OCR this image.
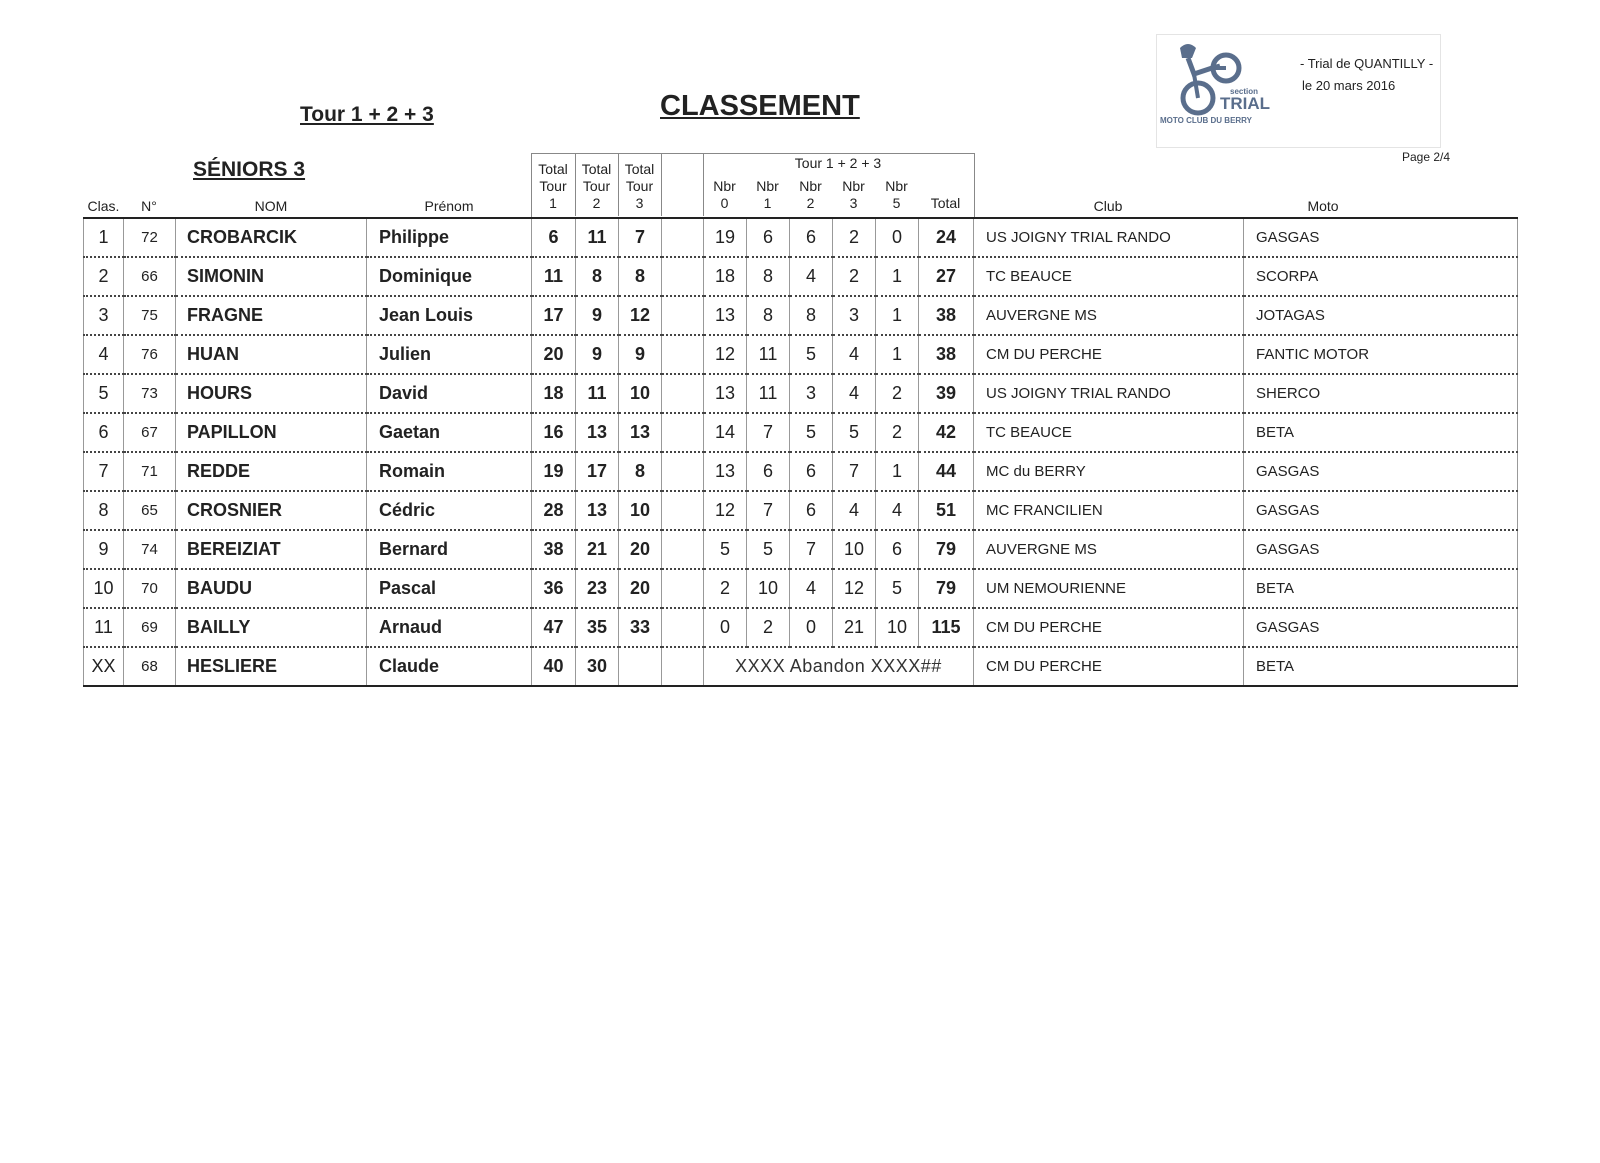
Tour 1 + 2 + 3	CLASSEMENT
SÉNIORS 3
Page 2/4
section
TRIAL
MOTO CLUB DU BERRY
- Trial de QUANTILLY -
le 20 mars 2016
Clas.	N°	NOM	Prénom
Total
Tour
1
Total
Tour
2
Total
Tour
3
Tour 1 + 2 + 3
Nbr
0
Nbr
1
Nbr
2
Nbr
3
Nbr
5	Total	Club	Moto
1	72	CROBARCIK	Philippe	6	11	7		19	6	6	2	0	24	US JOIGNY TRIAL RANDO	GASGAS
2	66	SIMONIN	Dominique	11	8	8		18	8	4	2	1	27	TC BEAUCE	SCORPA
3	75	FRAGNE	Jean Louis	17	9	12		13	8	8	3	1	38	AUVERGNE MS	JOTAGAS
4	76	HUAN	Julien	20	9	9		12	11	5	4	1	38	CM DU PERCHE	FANTIC MOTOR
5	73	HOURS	David	18	11	10		13	11	3	4	2	39	US JOIGNY TRIAL RANDO	SHERCO
6	67	PAPILLON	Gaetan	16	13	13		14	7	5	5	2	42	TC BEAUCE	BETA
7	71	REDDE	Romain	19	17	8		13	6	6	7	1	44	MC du BERRY	GASGAS
8	65	CROSNIER	Cédric	28	13	10		12	7	6	4	4	51	MC FRANCILIEN	GASGAS
9	74	BEREIZIAT	Bernard	38	21	20		5	5	7	10	6	79	AUVERGNE MS	GASGAS
10	70	BAUDU	Pascal	36	23	20		2	10	4	12	5	79	UM NEMOURIENNE	BETA
11	69	BAILLY	Arnaud	47	35	33		0	2	0	21	10	115	CM DU PERCHE	GASGAS
XX	68	HESLIERE	Claude	40	30			XXXX Abandon XXXX##						CM DU PERCHE	BETA
